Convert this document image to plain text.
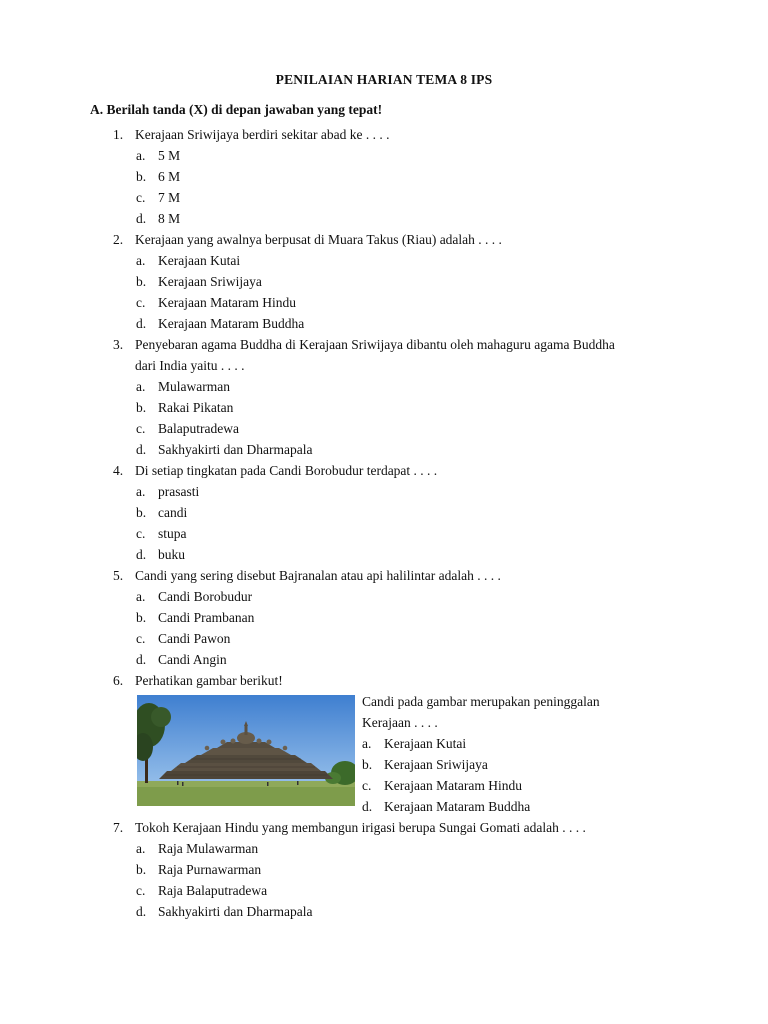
PENILAIAN HARIAN TEMA 8 IPS
A. Berilah tanda (X) di depan jawaban yang tepat!
1. Kerajaan Sriwijaya berdiri sekitar abad ke . . . .
a. 5 M
b. 6 M
c. 7 M
d. 8 M
2. Kerajaan yang awalnya berpusat di Muara Takus (Riau) adalah . . . .
a. Kerajaan Kutai
b. Kerajaan Sriwijaya
c. Kerajaan Mataram Hindu
d. Kerajaan Mataram Buddha
3. Penyebaran agama Buddha di Kerajaan Sriwijaya dibantu oleh mahaguru agama Buddha
dari India yaitu . . . .
a. Mulawarman
b. Rakai Pikatan
c. Balaputradewa
d. Sakhyakirti dan Dharmapala
4. Di setiap tingkatan pada Candi Borobudur terdapat . . . .
a. prasasti
b. candi
c. stupa
d. buku
5. Candi yang sering disebut Bajranalan atau api halilintar adalah . . . .
a. Candi Borobudur
b. Candi Prambanan
c. Candi Pawon
d. Candi Angin
6. Perhatikan gambar berikut!
Candi pada gambar merupakan peninggalan
Kerajaan . . . .
a. Kerajaan Kutai
b. Kerajaan Sriwijaya
c. Kerajaan Mataram Hindu
d. Kerajaan Mataram Buddha
7. Tokoh Kerajaan Hindu yang membangun irigasi berupa Sungai Gomati adalah . . . .
a. Raja Mulawarman
b. Raja Purnawarman
c. Raja Balaputradewa
d. Sakhyakirti dan Dharmapala
